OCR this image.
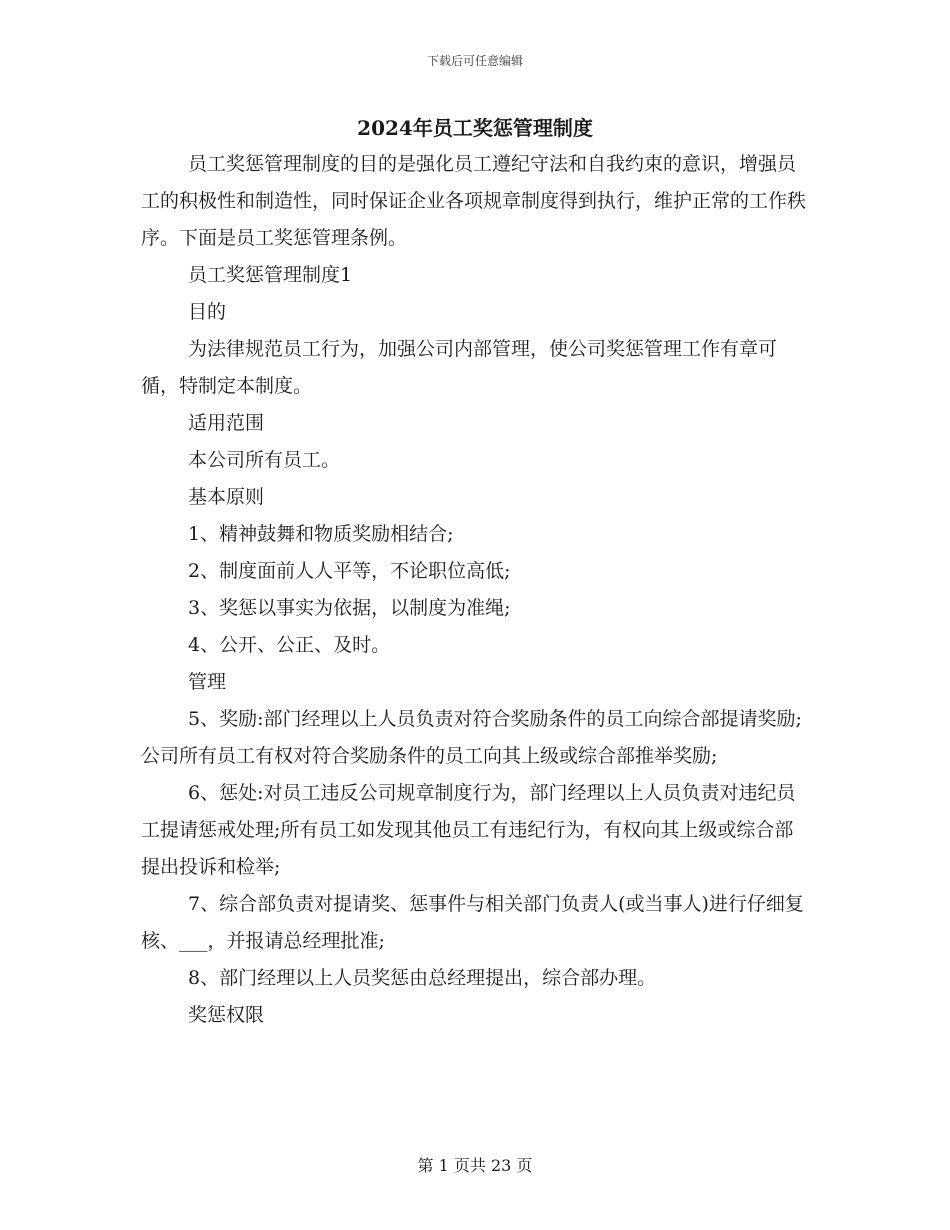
下载后可任意编辑
2024年员工奖惩管理制度

员工奖惩管理制度的目的是强化员工遵纪守法和自我约束的意识，增强员工的积极性和制造性，同时保证企业各项规章制度得到执行，维护正常的工作秩序。下面是员工奖惩管理条例。

员工奖惩管理制度1

目的

为法律规范员工行为，加强公司内部管理，使公司奖惩管理工作有章可循，特制定本制度。

适用范围

本公司所有员工。

基本原则

1、精神鼓舞和物质奖励相结合;

2、制度面前人人平等，不论职位高低;

3、奖惩以事实为依据，以制度为准绳;

4、公开、公正、及时。

管理

5、奖励:部门经理以上人员负责对符合奖励条件的员工向综合部提请奖励;公司所有员工有权对符合奖励条件的员工向其上级或综合部推举奖励;

6、惩处:对员工违反公司规章制度行为，部门经理以上人员负责对违纪员工提请惩戒处理;所有员工如发现其他员工有违纪行为，有权向其上级或综合部提出投诉和检举;

7、综合部负责对提请奖、惩事件与相关部门负责人(或当事人)进行仔细复核、___，并报请总经理批准;

8、部门经理以上人员奖惩由总经理提出，综合部办理。

奖惩权限

第 1 页共 23 页
